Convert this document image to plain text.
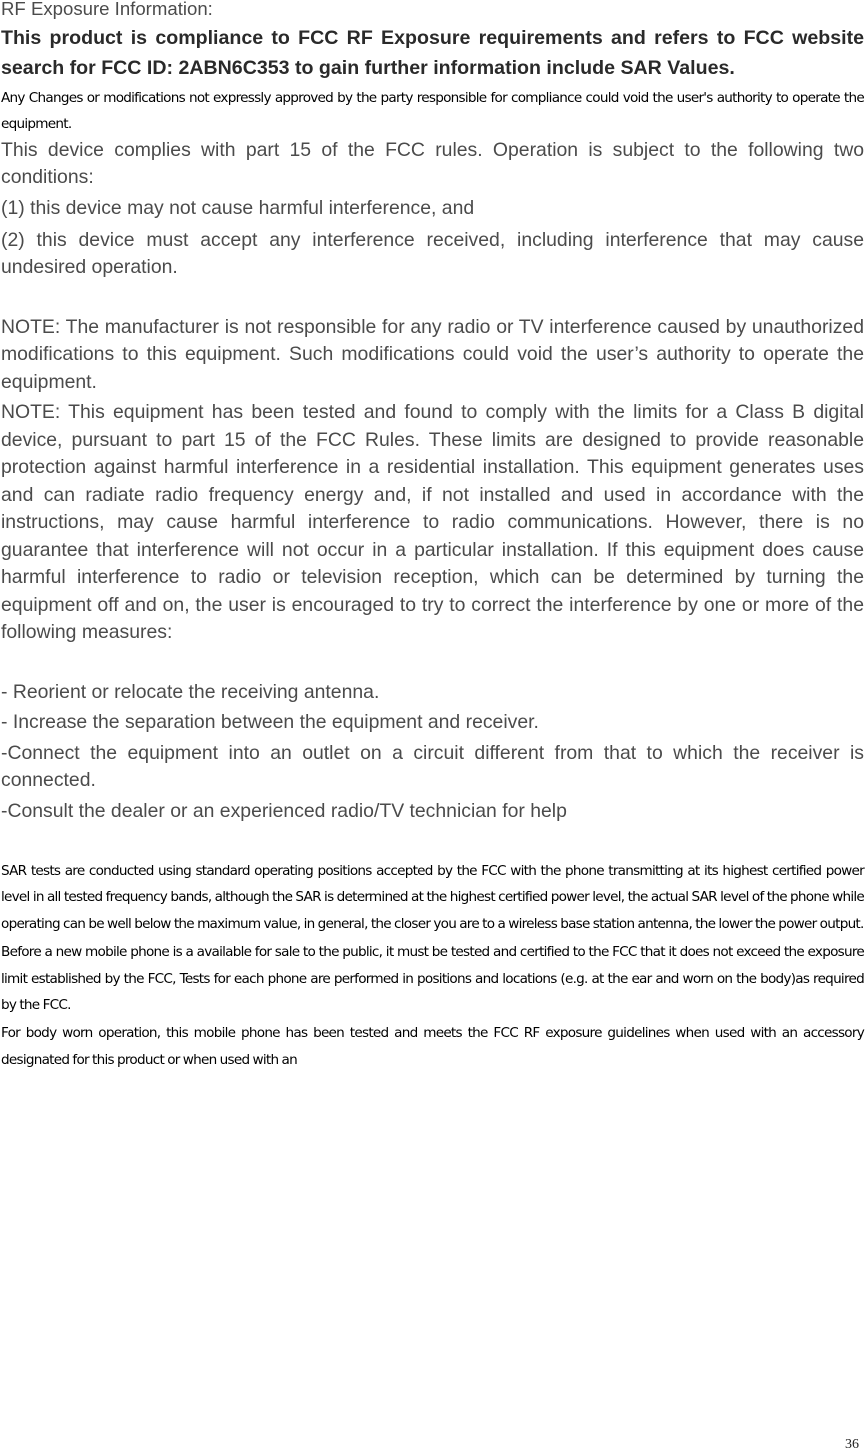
RF Exposure Information:

This product is compliance to FCC RF Exposure requirements and refers to FCC website search for FCC ID: 2ABN6C353 to gain further information include SAR Values.

Any Changes or modifications not expressly approved by the party responsible for compliance could void the user's authority to operate the equipment.

This device complies with part 15 of the FCC rules. Operation is subject to the following two conditions:

(1) this device may not cause harmful interference, and

(2) this device must accept any interference received, including interference that may cause undesired operation.

NOTE: The manufacturer is not responsible for any radio or TV interference caused by unauthorized modifications to this equipment. Such modifications could void the user’s authority to operate the equipment.

NOTE: This equipment has been tested and found to comply with the limits for a Class B digital device, pursuant to part 15 of the FCC Rules. These limits are designed to provide reasonable protection against harmful interference in a residential installation. This equipment generates uses and can radiate radio frequency energy and, if not installed and used in accordance with the instructions, may cause harmful interference to radio communications. However, there is no guarantee that interference will not occur in a particular installation. If this equipment does cause harmful interference to radio or television reception, which can be determined by turning the equipment off and on, the user is encouraged to try to correct the interference by one or more of the following measures:

- Reorient or relocate the receiving antenna.

- Increase the separation between the equipment and receiver.

-Connect the equipment into an outlet on a circuit different from that to which the receiver is connected.

-Consult the dealer or an experienced radio/TV technician for help

SAR tests are conducted using standard operating positions accepted by the FCC with the phone transmitting at its highest certified power level in all tested frequency bands, although the SAR is determined at the highest certified power level, the actual SAR level of the phone while operating can be well below the maximum value, in general, the closer you are to a wireless base station antenna, the lower the power output.

Before a new mobile phone is a available for sale to the public, it must be tested and certified to the FCC that it does not exceed the exposure limit established by the FCC, Tests for each phone are performed in positions and locations (e.g. at the ear and worn on the body)as required by the FCC.

For body worn operation, this mobile phone has been tested and meets the FCC RF exposure guidelines when used with an accessory designated for this product or when used with an

36
